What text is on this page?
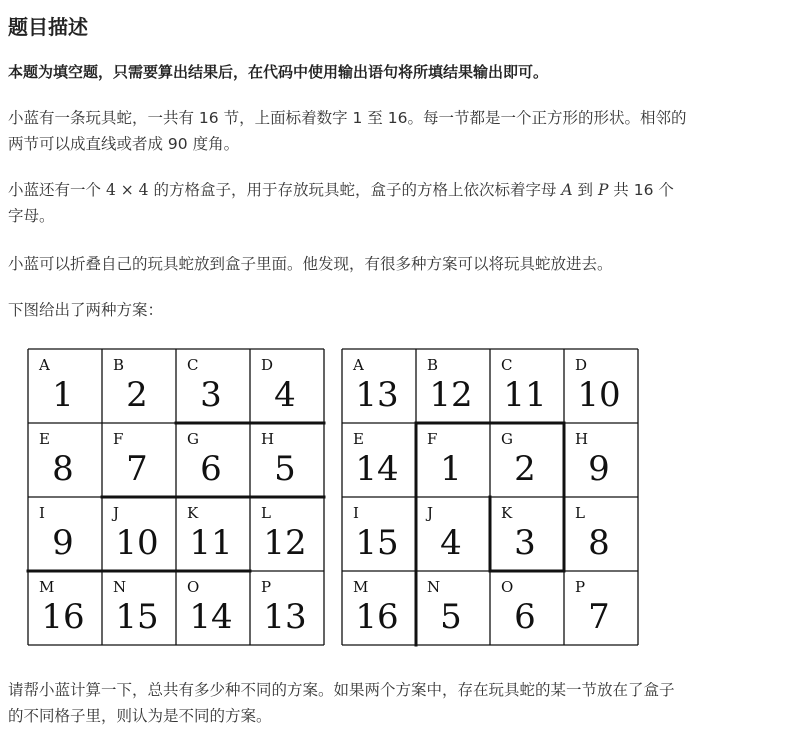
题目描述

本题为填空题，只需要算出结果后，在代码中使用输出语句将所填结果输出即可。

小蓝有一条玩具蛇，一共有 16 节，上面标着数字 1 至 16。每一节都是一个正方形的形状。相邻的
两节可以成直线或者成 90 度角。

小蓝还有一个 4 × 4 的方格盒子，用于存放玩具蛇，盒子的方格上依次标着字母 A 到 P 共 16 个
字母。

小蓝可以折叠自己的玩具蛇放到盒子里面。他发现，有很多种方案可以将玩具蛇放进去。

下图给出了两种方案：

A
1
B
2
C
3
D
4
E
8
F
7
G
6
H
5
I
9
J
10
K
11
L
12
M
16
N
15
O
14
P
13
A
13
B
12
C
11
D
10
E
14
F
1
G
2
H
9
I
15
J
4
K
3
L
8
M
16
N
5
O
6
P
7

请帮小蓝计算一下，总共有多少种不同的方案。如果两个方案中，存在玩具蛇的某一节放在了盒子
的不同格子里，则认为是不同的方案。
